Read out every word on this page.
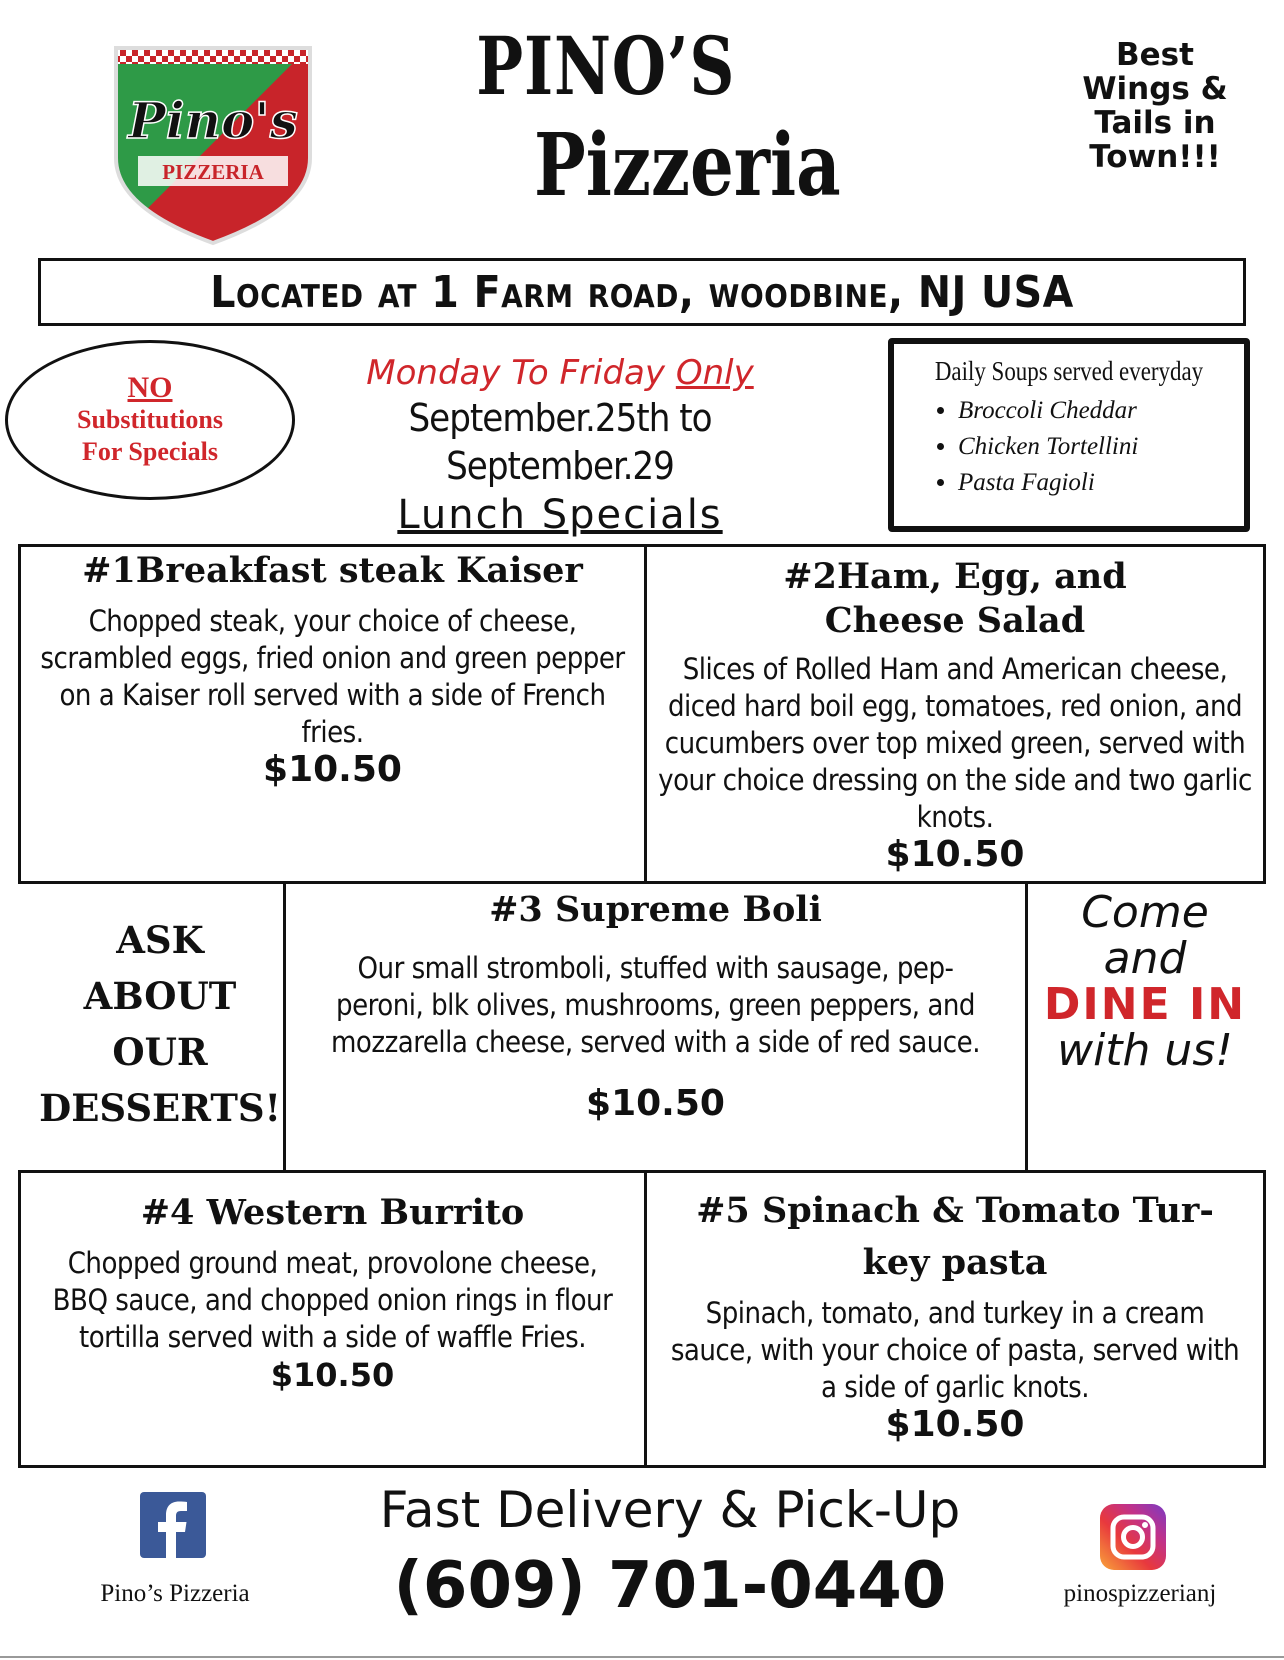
Pino's
PIZZERIA
PINO’S
Pizzeria
Best
Wings &
Tails in
Town!!!
Located at 1 Farm road, woodbine, NJ USA
NO
Substitutions
For Specials
Monday To Friday Only
September.25th to September.29
Lunch Specials
Daily Soups served everyday
• Broccoli Cheddar
• Chicken Tortellini
• Pasta Fagioli
#1Breakfast steak Kaiser
Chopped steak, your choice of cheese, scrambled eggs, fried onion and green pepper on a Kaiser roll served with a side of French fries.
$10.50
#2Ham, Egg, and Cheese Salad
Slices of Rolled Ham and American cheese, diced hard boil egg, tomatoes, red onion, and cucumbers over top mixed green, served with your choice dressing on the side and two garlic knots.
$10.50
ASK
ABOUT OUR
DESSERTS!
#3 Supreme Boli
Our small stromboli, stuffed with sausage, pep-peroni, blk olives, mushrooms, green peppers, and mozzarella cheese, served with a side of red sauce.
$10.50
Come
and
DINE IN
with us!
#4 Western Burrito
Chopped ground meat, provolone cheese, BBQ sauce, and chopped onion rings in flour tortilla served with a side of waffle Fries.
$10.50
#5 Spinach & Tomato Tur-key pasta
Spinach, tomato, and turkey in a cream sauce, with your choice of pasta, served with a side of garlic knots.
$10.50
Pino’s Pizzeria
Fast Delivery & Pick-Up
(609) 701-0440	pinospizzerianj
